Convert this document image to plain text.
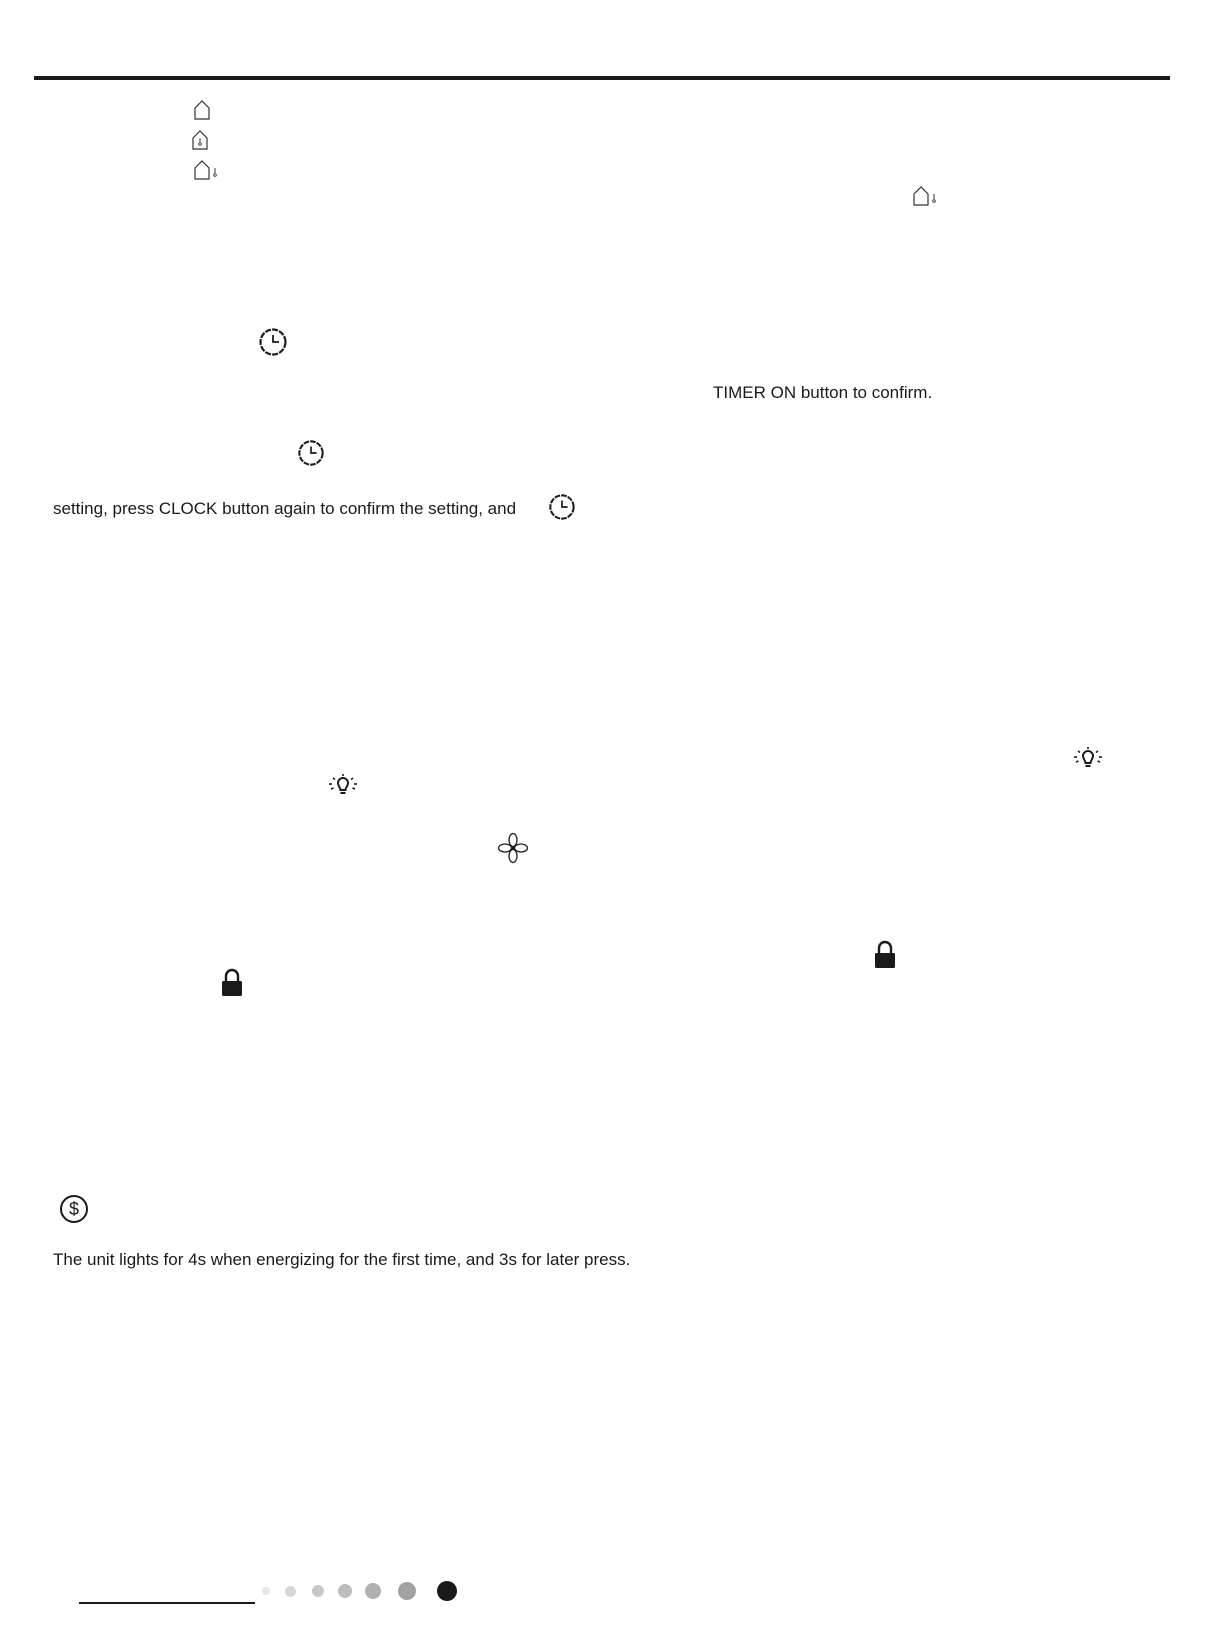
TIMER ON button to confirm.
setting, press CLOCK button again to confirm the setting, and
$
The unit lights for 4s when energizing for the first time, and 3s for later press.
